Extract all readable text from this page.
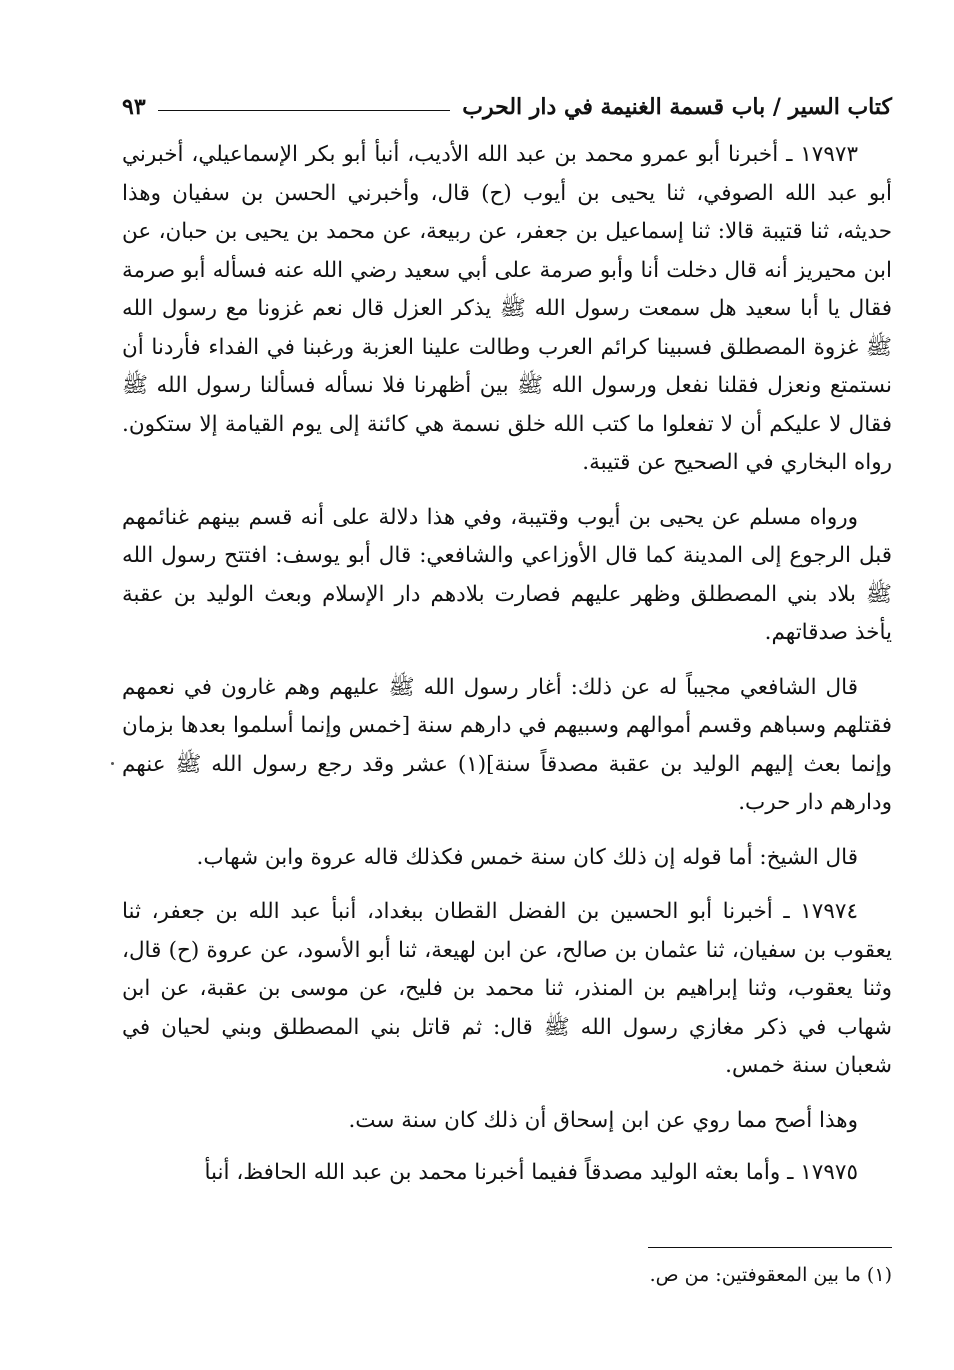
كتاب السير / باب قسمة الغنيمة في دار الحرب
٩٣

١٧٩٧٣ ـ أخبرنا أبو عمرو محمد بن عبد الله الأديب، أنبأ أبو بكر الإسماعيلي، أخبرني أبو عبد الله الصوفي، ثنا يحيى بن أيوب (ح) قال، وأخبرني الحسن بن سفيان وهذا حديثه، ثنا قتيبة قالا: ثنا إسماعيل بن جعفر، عن ربيعة، عن محمد بن يحيى بن حبان، عن ابن محيريز أنه قال دخلت أنا وأبو صرمة على أبي سعيد رضي الله عنه فسأله أبو صرمة فقال يا أبا سعيد هل سمعت رسول الله ﷺ يذكر العزل قال نعم غزونا مع رسول الله ﷺ غزوة المصطلق فسبينا كرائم العرب وطالت علينا العزبة ورغبنا في الفداء فأردنا أن نستمتع ونعزل فقلنا نفعل ورسول الله ﷺ بين أظهرنا فلا نسأله فسألنا رسول الله ﷺ فقال لا عليكم أن لا تفعلوا ما كتب الله خلق نسمة هي كائنة إلى يوم القيامة إلا ستكون. رواه البخاري في الصحيح عن قتيبة.

ورواه مسلم عن يحيى بن أيوب وقتيبة، وفي هذا دلالة على أنه قسم بينهم غنائمهم قبل الرجوع إلى المدينة كما قال الأوزاعي والشافعي: قال أبو يوسف: افتتح رسول الله ﷺ بلاد بني المصطلق وظهر عليهم فصارت بلادهم دار الإسلام وبعث الوليد بن عقبة يأخذ صدقاتهم.

قال الشافعي مجيباً له عن ذلك: أغار رسول الله ﷺ عليهم وهم غارون في نعمهم فقتلهم وسباهم وقسم أموالهم وسبيهم في دارهم سنة [خمس وإنما أسلموا بعدها بزمان وإنما بعث إليهم الوليد بن عقبة مصدقاً سنة](١) عشر وقد رجع رسول الله ﷺ عنهم ودارهم دار حرب.

قال الشيخ: أما قوله إن ذلك كان سنة خمس فكذلك قاله عروة وابن شهاب.

١٧٩٧٤ ـ أخبرنا أبو الحسين بن الفضل القطان ببغداد، أنبأ عبد الله بن جعفر، ثنا يعقوب بن سفيان، ثنا عثمان بن صالح، عن ابن لهيعة، ثنا أبو الأسود، عن عروة (ح) قال، وثنا يعقوب، وثنا إبراهيم بن المنذر، ثنا محمد بن فليح، عن موسى بن عقبة، عن ابن شهاب في ذكر مغازي رسول الله ﷺ قال: ثم قاتل بني المصطلق وبني لحيان في شعبان سنة خمس.

وهذا أصح مما روي عن ابن إسحاق أن ذلك كان سنة ست.

١٧٩٧٥ ـ وأما بعثه الوليد مصدقاً ففيما أخبرنا محمد بن عبد الله الحافظ، أنبأ

(١) ما بين المعقوفتين: من ص.
